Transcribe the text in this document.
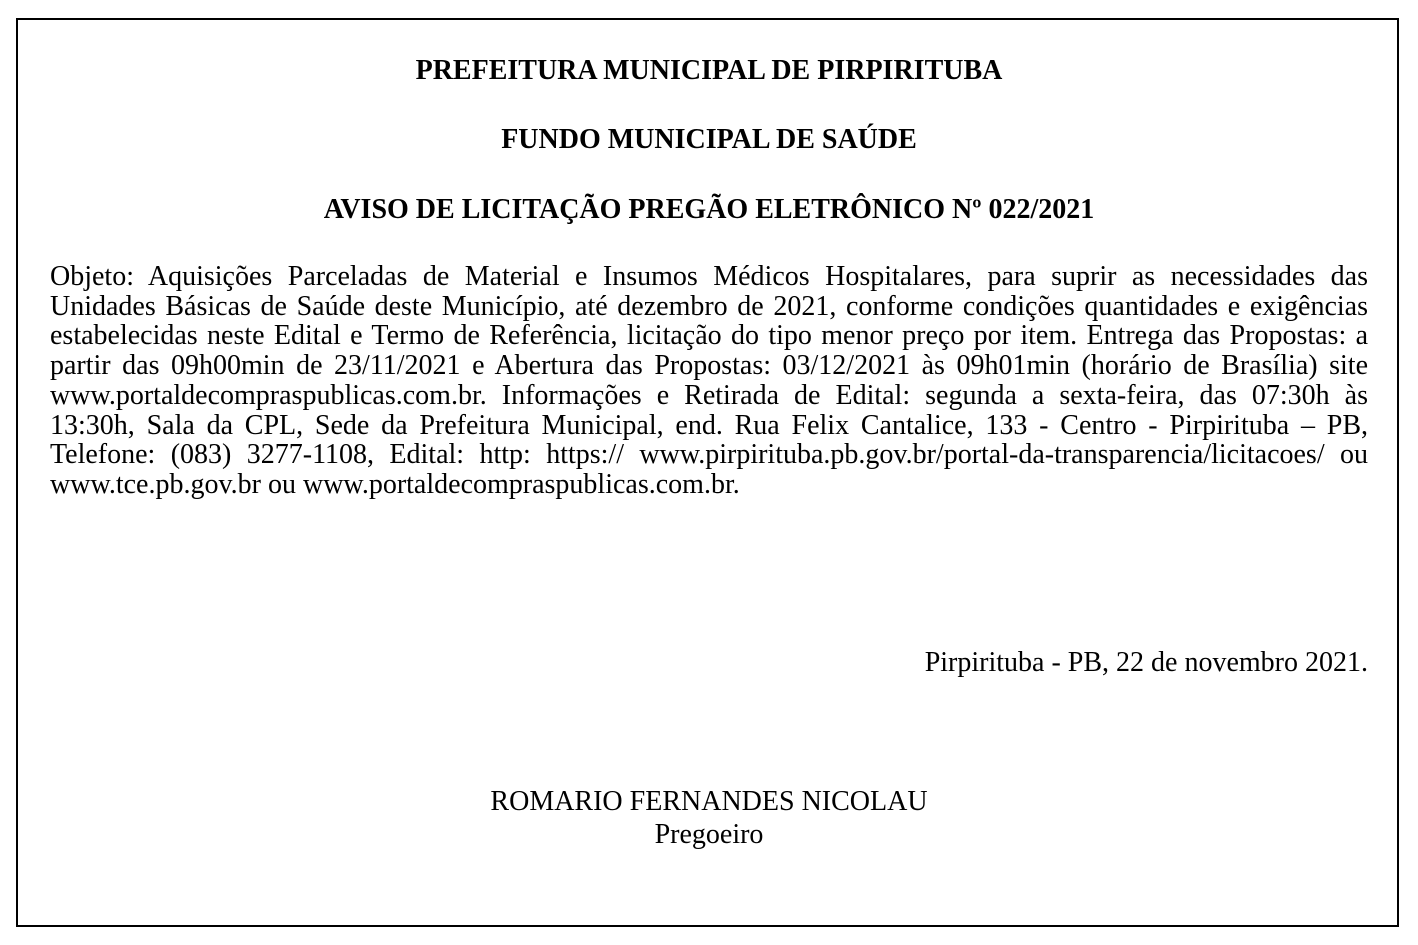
PREFEITURA MUNICIPAL DE PIRPIRITUBA
FUNDO MUNICIPAL DE SAÚDE
AVISO DE LICITAÇÃO PREGÃO ELETRÔNICO Nº 022/2021

Objeto: Aquisições Parceladas de Material e Insumos Médicos Hospitalares, para suprir as necessidades das Unidades Básicas de Saúde deste Município, até dezembro de 2021, conforme condições quantidades e exigências estabelecidas neste Edital e Termo de Referência, licitação do tipo menor preço por item. Entrega das Propostas: a partir das 09h00min de 23/11/2021 e Abertura das Propostas: 03/12/2021 às 09h01min (horário de Brasília) site www.portaldecompraspublicas.com.br. Informações e Retirada de Edital: segunda a sexta-feira, das 07:30h às 13:30h, Sala da CPL, Sede da Prefeitura Municipal, end. Rua Felix Cantalice, 133 - Centro - Pirpirituba – PB, Telefone: (083) 3277-1108, Edital: http: https:// www.pirpirituba.pb.gov.br/portal-da-transparencia/licitacoes/ ou www.tce.pb.gov.br ou www.portaldecompraspublicas.com.br.

Pirpirituba - PB, 22 de novembro 2021.

ROMARIO FERNANDES NICOLAU

Pregoeiro
